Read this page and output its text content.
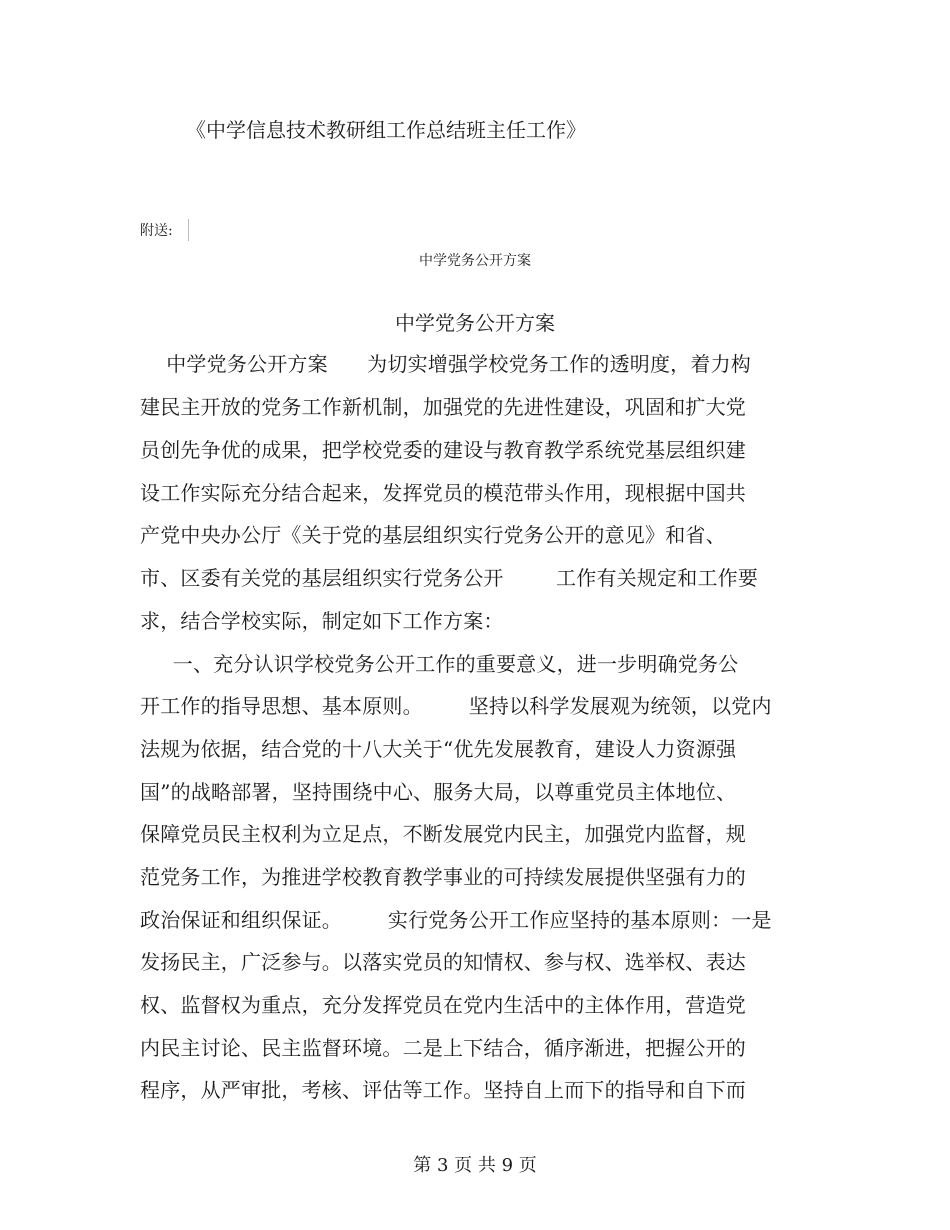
《中学信息技术教研组工作总结班主任工作》
附送:
中学党务公开方案
中学党务公开方案
中学党务公开方案      为切实增强学校党务工作的透明度，着力构
建民主开放的党务工作新机制，加强党的先进性建设，巩固和扩大党
员创先争优的成果，把学校党委的建设与教育教学系统党基层组织建
设工作实际充分结合起来，发挥党员的模范带头作用，现根据中国共
产党中央办公厅《关于党的基层组织实行党务公开的意见》和省、
市、区委有关党的基层组织实行党务公开        工作有关规定和工作要
求，结合学校实际，制定如下工作方案：
一、充分认识学校党务公开工作的重要意义，进一步明确党务公
开工作的指导思想、基本原则。       坚持以科学发展观为统领，以党内
法规为依据，结合党的十八大关于“优先发展教育，建设人力资源强
国”的战略部署，坚持围绕中心、服务大局，以尊重党员主体地位、
保障党员民主权利为立足点，不断发展党内民主，加强党内监督，规
范党务工作，为推进学校教育教学事业的可持续发展提供坚强有力的
政治保证和组织保证。       实行党务公开工作应坚持的基本原则：一是
发扬民主，广泛参与。以落实党员的知情权、参与权、选举权、表达
权、监督权为重点，充分发挥党员在党内生活中的主体作用，营造党
内民主讨论、民主监督环境。二是上下结合，循序渐进，把握公开的
程序，从严审批，考核、评估等工作。坚持自上而下的指导和自下而
第 3 页 共 9 页
